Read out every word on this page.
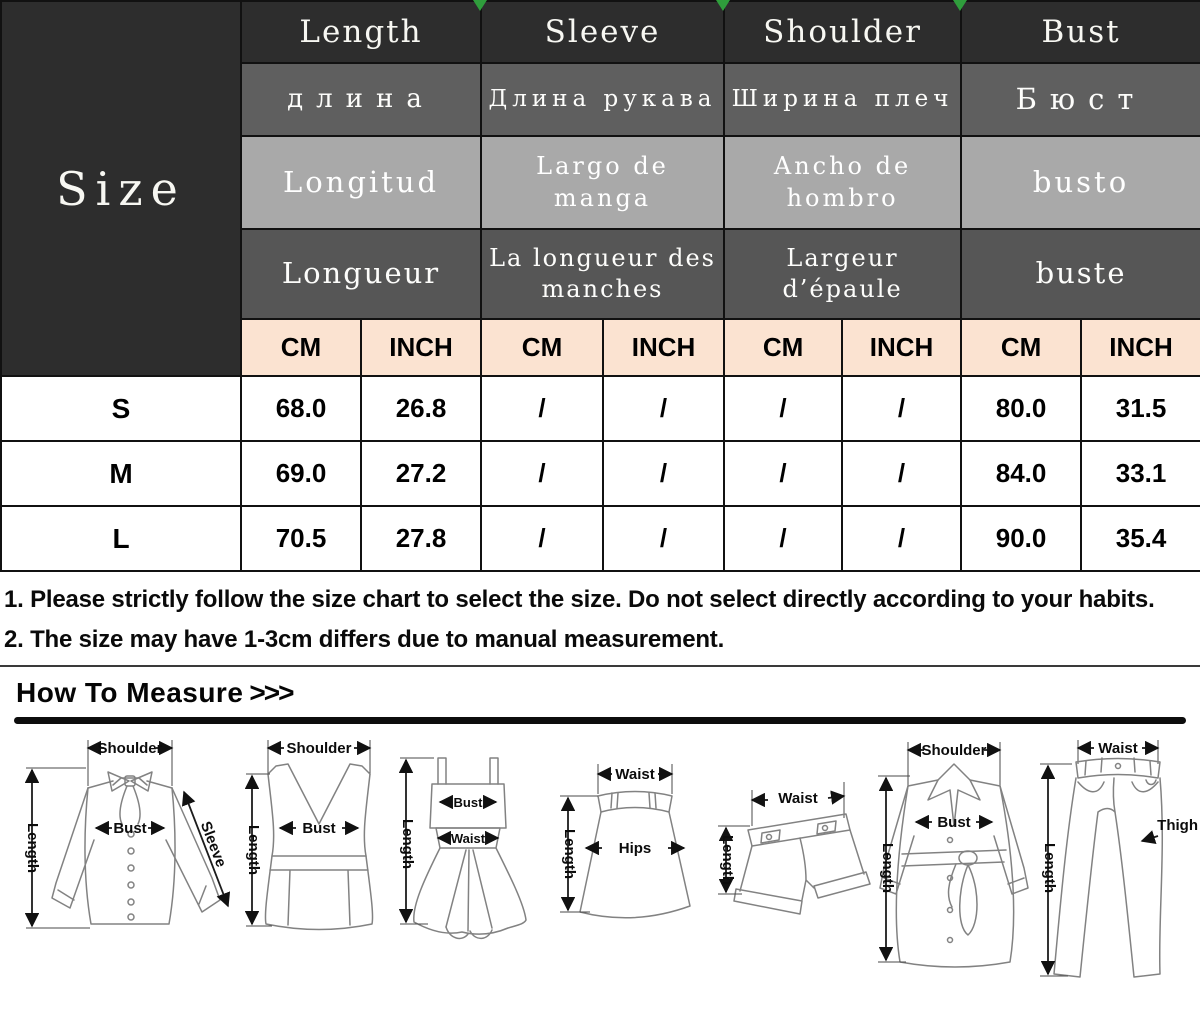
Size	Length		Sleeve		Shoulder		Bust	
	длина		Длина рукава		Ширина плеч		Бюст	
	Longitud		Largo de manga		Ancho de hombro		busto	
	Longueur		La longueur des manches		Largeur d’épaule		buste	
	CM	INCH	CM	INCH	CM	INCH	CM	INCH
S	68.0	26.8	/	/	/	/	80.0	31.5
M	69.0	27.2	/	/	/	/	84.0	33.1
L	70.5	27.8	/	/	/	/	90.0	35.4

1. Please strictly follow the size chart to select the size. Do not select directly according to your habits.

2. The size may have 1-3cm differs due to manual measurement.

How To Measure >>>
Shoulder
Bust	Sleeve
Length
Shoulder
Bust
Length
Bust
Waist
Length
Waist
Hips
Length
Waist
Length
Shoulder
Bust
Length
Waist
Thigh
Length
